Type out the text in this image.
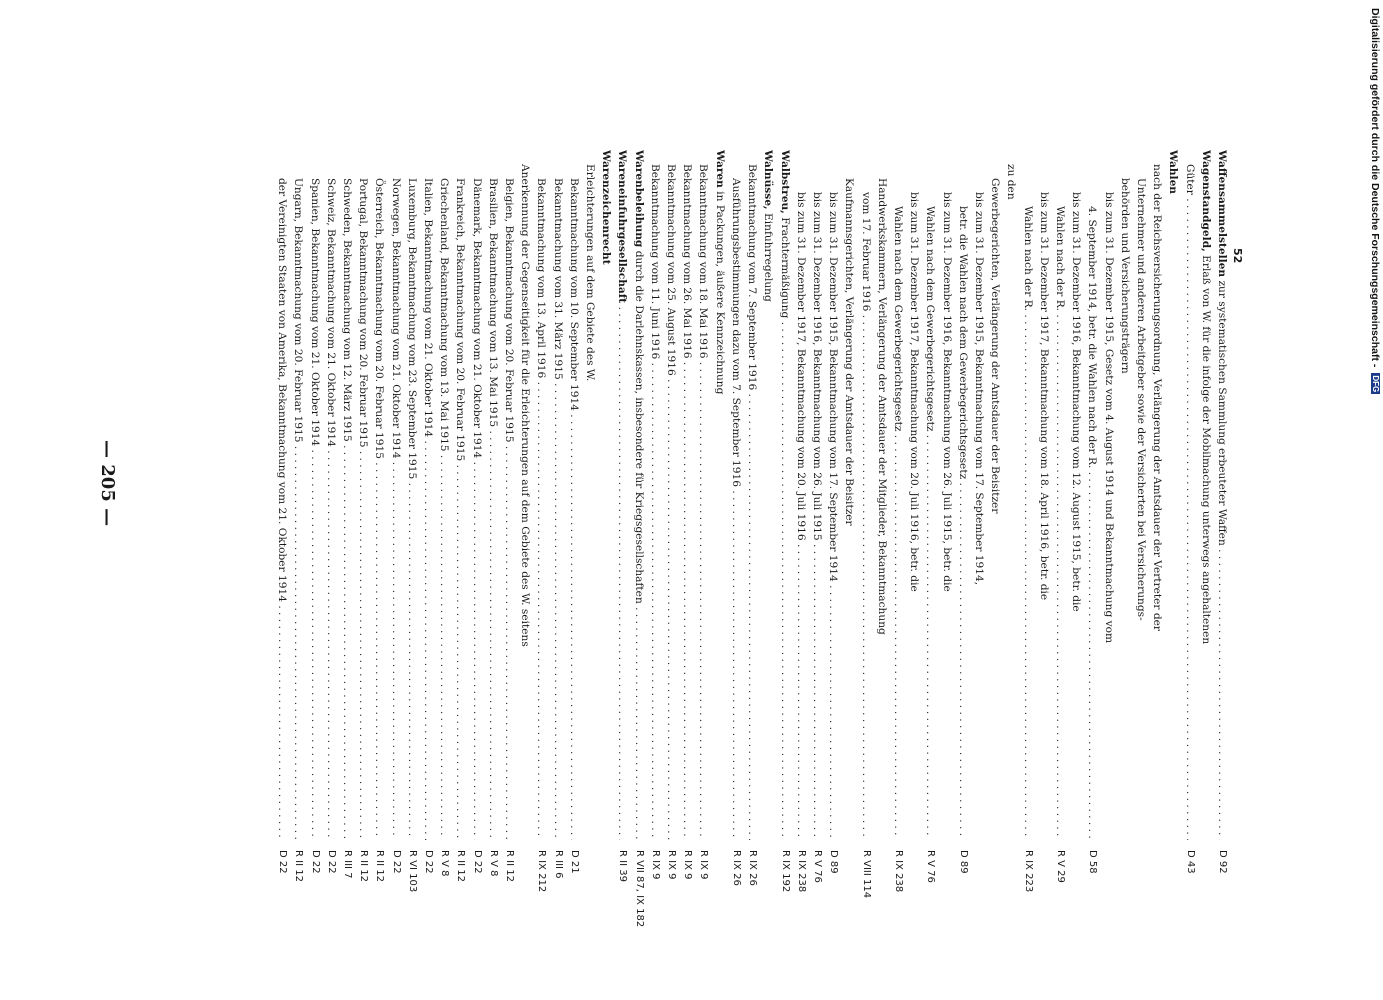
— 205 —
Waffensammelstellen zur systematischen Sammlung erbeuteter Waffen . . .
D 92
Wagenstandgeld, Erlaß von W. für die infolge der Mobilmachung unterwegs angehaltenen
Güter . . .
D 43
Wahlen
nach der Reichsversicherungsordnung, Verlängerung der Amtsdauer der Vertreter der
Unternehmer und anderen Arbeitgeber sowie der Versicherten bei Versicherungs-
behörden und Versicherungsträgern
bis zum 31. Dezember 1915, Gesetz vom 4. August 1914 und Bekanntmachung vom
4. September 1914, betr. die Wahlen nach der R. . . .
D 58
bis zum 31. Dezember 1916, Bekanntmachung vom 12. August 1915, betr. die
Wahlen nach der R. . . .
R V 29
bis zum 31. Dezember 1917, Bekanntmachung vom 18. April 1916, betr. die
Wahlen nach der R. . . .
R IX 223
zu den
Gewerbegerichten, Verlängerung der Amtsdauer der Beisitzer
bis zum 31. Dezember 1915, Bekanntmachung vom 17. September 1914,
betr. die Wahlen nach dem Gewerbegerichtsgesetz . . .
D 89
bis zum 31. Dezember 1916, Bekanntmachung vom 26. Juli 1915, betr. die
Wahlen nach dem Gewerbegerichtsgesetz . . .
R V 76
bis zum 31. Dezember 1917, Bekanntmachung vom 20. Juli 1916, betr. die
Wahlen nach dem Gewerbegerichtsgesetz . . .
R IX 238
Handwerkskammern, Verlängerung der Amtsdauer der Mitglieder, Bekanntmachung
vom 17. Februar 1916 . . .
R VIII 114
Kaufmannsgerichten, Verlängerung der Amtsdauer der Beisitzer
bis zum 31. Dezember 1915, Bekanntmachung vom 17. September 1914 . . .
D 89
bis zum 31. Dezember 1916, Bekanntmachung vom 26. Juli 1915 . . .
R V 76
bis zum 31. Dezember 1917, Bekanntmachung vom 20. Juli 1916 . . .
R IX 238
Walbstreu, Frachtermäßigung . . .
R IX 192
Walnüsse, Einfuhrregelung
Bekanntmachung vom 7. September 1916 . . .
R IX 26
Ausführungsbestimmungen dazu vom 7. September 1916 . . .
R IX 26
Waren in Packungen, äußere Kennzeichnung
Bekanntmachung vom 18. Mai 1916 . . .
R IX 9
Bekanntmachung vom 26. Mai 1916 . . .
R IX 9
Bekanntmachung vom 25. August 1916 . . .
R IX 9
Bekanntmachung vom 11. Juni 1916 . . .
R IX 9
Warenbeleihung durch die Darlehnskassen, insbesondere für Kriegsgesellschaften . . .
R VII 87, IX 182
Wareneinfuhrgesellschaft . . .
R II 39
Warenzeichenrecht
Erleichterungen auf dem Gebiete des W.
Bekanntmachung vom 10. September 1914 . . .
D 21
Bekanntmachung vom 31. März 1915 . . .
R III 6
Bekanntmachung vom 13. April 1916 . . .
R IX 212
Anerkennung der Gegenseitigkeit für die Erleichterungen auf dem Gebiete des W. seitens
Belgien, Bekanntmachung vom 20. Februar 1915 . . .
R II 12
Brasilien, Bekanntmachung vom 13. Mai 1915 . . .
R V 8
Dänemark, Bekanntmachung vom 21. Oktober 1914 . . .
D 22
Frankreich, Bekanntmachung vom 20. Februar 1915 . . .
R II 12
Griechenland, Bekanntmachung vom 13. Mai 1915 . . .
R V 8
Italien, Bekanntmachung vom 21. Oktober 1914 . . .
D 22
Luxemburg, Bekanntmachung vom 23. September 1915 . . .
R VI 103
Norwegen, Bekanntmachung vom 21. Oktober 1914 . . .
D 22
Österreich, Bekanntmachung vom 20. Februar 1915 . . .
R II 12
Portugal, Bekanntmachung vom 20. Februar 1915 . . .
R II 12
Schweden, Bekanntmachung vom 12. März 1915 . . .
R III 7
Schweiz, Bekanntmachung vom 21. Oktober 1914 . . .
D 22
Spanien, Bekanntmachung vom 21. Oktober 1914 . . .
D 22
Ungarn, Bekanntmachung vom 20. Februar 1915 . . .
R II 12
der Vereinigten Staaten von Amerika, Bekanntmachung vom 21. Oktober 1914 . . .
D 22
52	Digitalisierung gefördert durch die Deutsche Forschungsgemeinschaft - DFG
